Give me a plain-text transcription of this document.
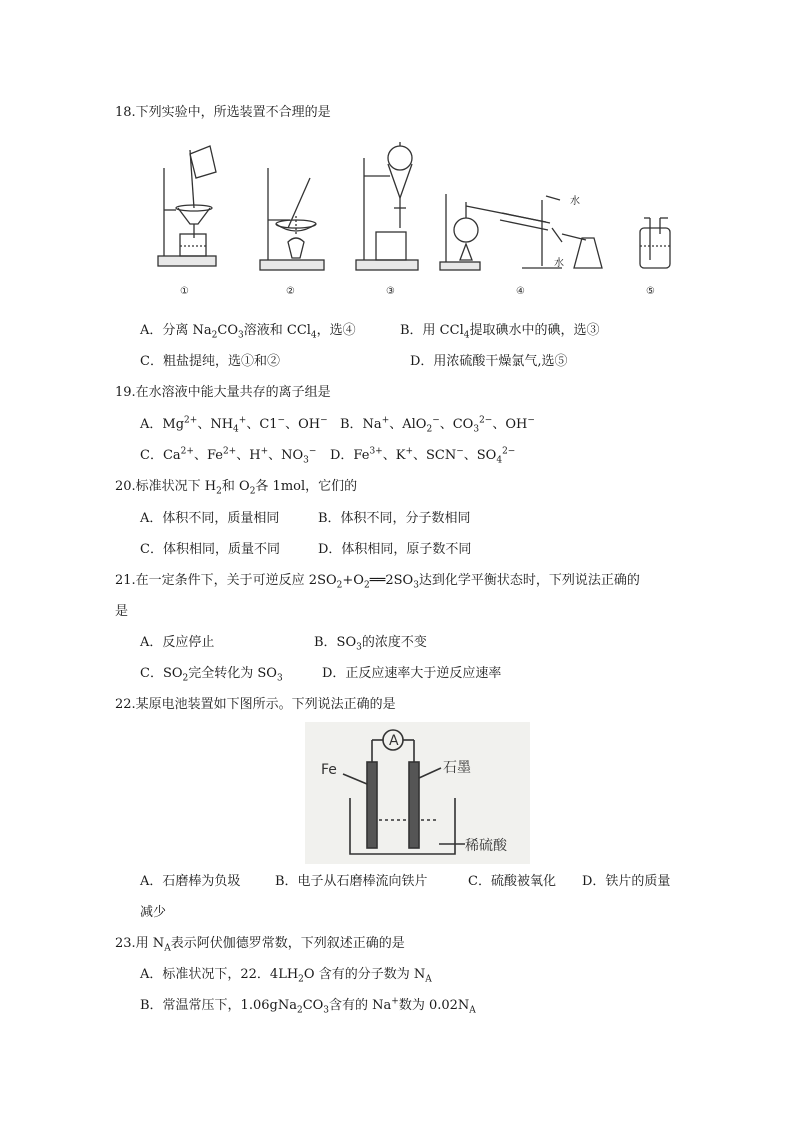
18.下列实验中，所选装置不合理的是
水
水
①	②	③	④	⑤
A．分离 $Na_2CO_3$溶液和 CCl$_4$，选④	B．用 CCl$_4$提取碘水中的碘，选③
C．粗盐提纯，选①和②	D．用浓硫酸干燥氯气,选⑤
19.在水溶液中能大量共存的离子组是
A．$Mg^{2+}$、$NH_4^+$、C1−、OH− B．Na+、AlO$_2$−、$CO_3^{2-}$、OH−
C．$Ca^{2+}$、$Fe^{2+}$、H+、$NO_3^-$ D．$Fe^{3+}$、K+、SCN−、$SO_4^{2-}$
20.标准状况下 $H_2$和 $O_2$各 1mol，它们的
A．体积不同，质量相同	B．体积不同，分子数相同
C．体积相同，质量不同	D．体积相同，原子数不同
21.在一定条件下，关于可逆反应 $2SO_2+O_2══2SO_3$达到化学平衡状态时，下列说法正确的
是
A．反应停止	B．$SO_3$的浓度不变
C．$SO_2$完全转化为 $SO_3$	D．正反应速率大于逆反应速率
22.某原电池装置如下图所示。下列说法正确的是
A
Fe	石墨
稀硫酸
A．石磨棒为负圾	B．电子从石磨棒流向铁片	C．硫酸被氧化 D．铁片的质量
减少
23.用 $N_A$表示阿伏伽德罗常数，下列叙述正确的是
A．标准状况下，22．$4LH_2O$ 含有的分子数为 $N_A$
B．常温常压下，$1.06gNa_2CO_3$含有的 Na+数为 $0.02N_A$
